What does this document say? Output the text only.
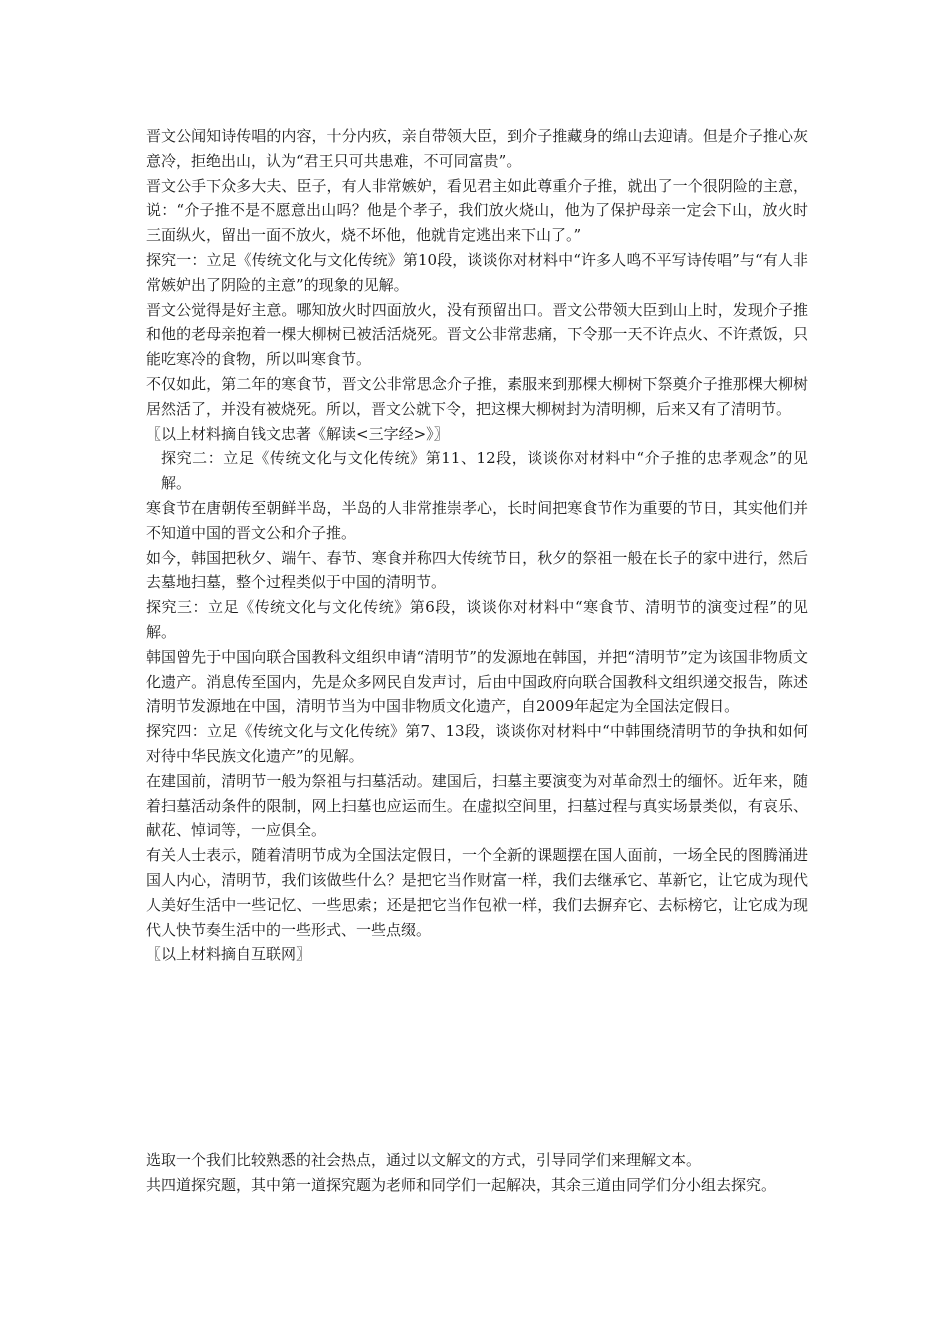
晋文公闻知诗传唱的内容，十分内疚，亲自带领大臣，到介子推藏身的绵山去迎请。但是介子推心灰意冷，拒绝出山，认为“君王只可共患难，不可同富贵”。

晋文公手下众多大夫、臣子，有人非常嫉妒，看见君主如此尊重介子推，就出了一个很阴险的主意，说：“介子推不是不愿意出山吗？他是个孝子，我们放火烧山，他为了保护母亲一定会下山，放火时三面纵火，留出一面不放火，烧不坏他，他就肯定逃出来下山了。”

探究一：立足《传统文化与文化传统》第10段，谈谈你对材料中“许多人鸣不平写诗传唱”与“有人非常嫉妒出了阴险的主意”的现象的见解。

晋文公觉得是好主意。哪知放火时四面放火，没有预留出口。晋文公带领大臣到山上时，发现介子推和他的老母亲抱着一棵大柳树已被活活烧死。晋文公非常悲痛，下令那一天不许点火、不许煮饭，只能吃寒冷的食物，所以叫寒食节。

不仅如此，第二年的寒食节，晋文公非常思念介子推，素服来到那棵大柳树下祭奠介子推那棵大柳树居然活了，并没有被烧死。所以，晋文公就下令，把这棵大柳树封为清明柳，后来又有了清明节。

〖以上材料摘自钱文忠著《解读<三字经>》〗

探究二：立足《传统文化与文化传统》第11、12段，谈谈你对材料中“介子推的忠孝观念”的见解。

寒食节在唐朝传至朝鲜半岛，半岛的人非常推崇孝心，长时间把寒食节作为重要的节日，其实他们并不知道中国的晋文公和介子推。

如今，韩国把秋夕、端午、春节、寒食并称四大传统节日，秋夕的祭祖一般在长子的家中进行，然后去墓地扫墓，整个过程类似于中国的清明节。

探究三：立足《传统文化与文化传统》第6段，谈谈你对材料中“寒食节、清明节的演变过程”的见解。

韩国曾先于中国向联合国教科文组织申请“清明节”的发源地在韩国，并把“清明节”定为该国非物质文化遗产。消息传至国内，先是众多网民自发声讨，后由中国政府向联合国教科文组织递交报告，陈述清明节发源地在中国，清明节当为中国非物质文化遗产，自2009年起定为全国法定假日。

探究四：立足《传统文化与文化传统》第7、13段，谈谈你对材料中“中韩围绕清明节的争执和如何对待中华民族文化遗产”的见解。

在建国前，清明节一般为祭祖与扫墓活动。建国后，扫墓主要演变为对革命烈士的缅怀。近年来，随着扫墓活动条件的限制，网上扫墓也应运而生。在虚拟空间里，扫墓过程与真实场景类似，有哀乐、献花、悼词等，一应俱全。

有关人士表示，随着清明节成为全国法定假日，一个全新的课题摆在国人面前，一场全民的图腾涌进国人内心，清明节，我们该做些什么？是把它当作财富一样，我们去继承它、革新它，让它成为现代人美好生活中一些记忆、一些思索；还是把它当作包袱一样，我们去摒弃它、去标榜它，让它成为现代人快节奏生活中的一些形式、一些点缀。

〖以上材料摘自互联网〗

选取一个我们比较熟悉的社会热点，通过以文解文的方式，引导同学们来理解文本。

共四道探究题，其中第一道探究题为老师和同学们一起解决，其余三道由同学们分小组去探究。
